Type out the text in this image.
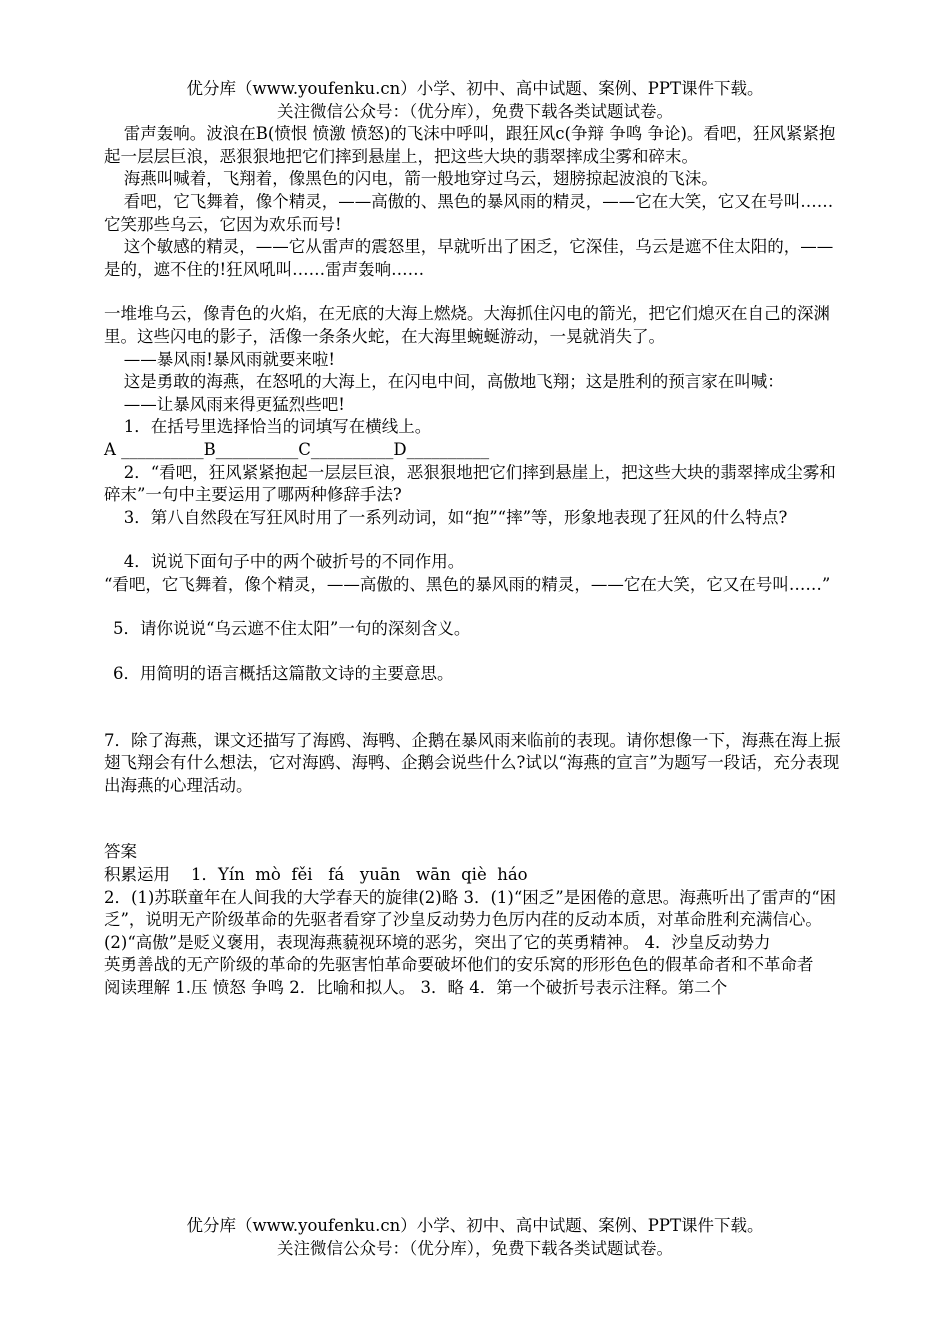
优分库（www.youfenku.cn）小学、初中、高中试题、案例、PPT课件下载。
关注微信公众号：（优分库），免费下载各类试题试卷。
雷声轰响。波浪在B(愤恨 愤激 愤怒)的飞沫中呼叫，跟狂风c(争辩 争鸣 争论)。看吧，狂风紧紧抱起一层层巨浪，恶狠狠地把它们摔到悬崖上，把这些大块的翡翠摔成尘雾和碎末。
海燕叫喊着，飞翔着，像黑色的闪电，箭一般地穿过乌云，翅膀掠起波浪的飞沫。
看吧，它飞舞着，像个精灵，——高傲的、黑色的暴风雨的精灵，——它在大笑，它又在号叫……它笑那些乌云，它因为欢乐而号!
这个敏感的精灵，——它从雷声的震怒里，早就听出了困乏，它深佳，乌云是遮不住太阳的，——是的，遮不住的!狂风吼叫……雷声轰响……
一堆堆乌云，像青色的火焰，在无底的大海上燃烧。大海抓住闪电的箭光，把它们熄灭在自己的深渊里。这些闪电的影子，活像一条条火蛇，在大海里蜿蜒游动，一晃就消失了。
——暴风雨!暴风雨就要来啦!
这是勇敢的海燕，在怒吼的大海上，在闪电中间，高傲地飞翔；这是胜利的预言家在叫喊：
——让暴风雨来得更猛烈些吧!
1．在括号里选择恰当的词填写在横线上。
A __________B__________C__________D__________
2．“看吧，狂风紧紧抱起一层层巨浪，恶狠狠地把它们摔到悬崖上，把这些大块的翡翠摔成尘雾和碎末”一句中主要运用了哪两种修辞手法?
3．第八自然段在写狂风时用了一系列动词，如“抱”“摔”等，形象地表现了狂风的什么特点?
4．说说下面句子中的两个破折号的不同作用。
“看吧，它飞舞着，像个精灵，——高傲的、黑色的暴风雨的精灵，——它在大笑，它又在号叫……”
5．请你说说“乌云遮不住太阳”一句的深刻含义。
6．用简明的语言概括这篇散文诗的主要意思。
7．除了海燕，课文还描写了海鸥、海鸭、企鹅在暴风雨来临前的表现。请你想像一下，海燕在海上振翅飞翔会有什么想法，它对海鸥、海鸭、企鹅会说些什么?试以“海燕的宣言”为题写一段话，充分表现出海燕的心理活动。
答案
积累运用    1．Yín  mò  fěi   fá   yuān   wān  qiè  háo
2．(1)苏联童年在人间我的大学春天的旋律(2)略 3．(1)“困乏”是困倦的意思。海燕听出了雷声的“困乏”，说明无产阶级革命的先驱者看穿了沙皇反动势力色厉内荏的反动本质，对革命胜利充满信心。
(2)“高傲”是贬义褒用，表现海燕藐视环境的恶劣，突出了它的英勇精神。 4．沙皇反动势力
英勇善战的无产阶级的革命的先驱害怕革命要破坏他们的安乐窝的形形色色的假革命者和不革命者
阅读理解 1.压 愤怒 争鸣 2．比喻和拟人。 3．略 4．第一个破折号表示注释。第二个
优分库（www.youfenku.cn）小学、初中、高中试题、案例、PPT课件下载。
关注微信公众号：（优分库），免费下载各类试题试卷。
